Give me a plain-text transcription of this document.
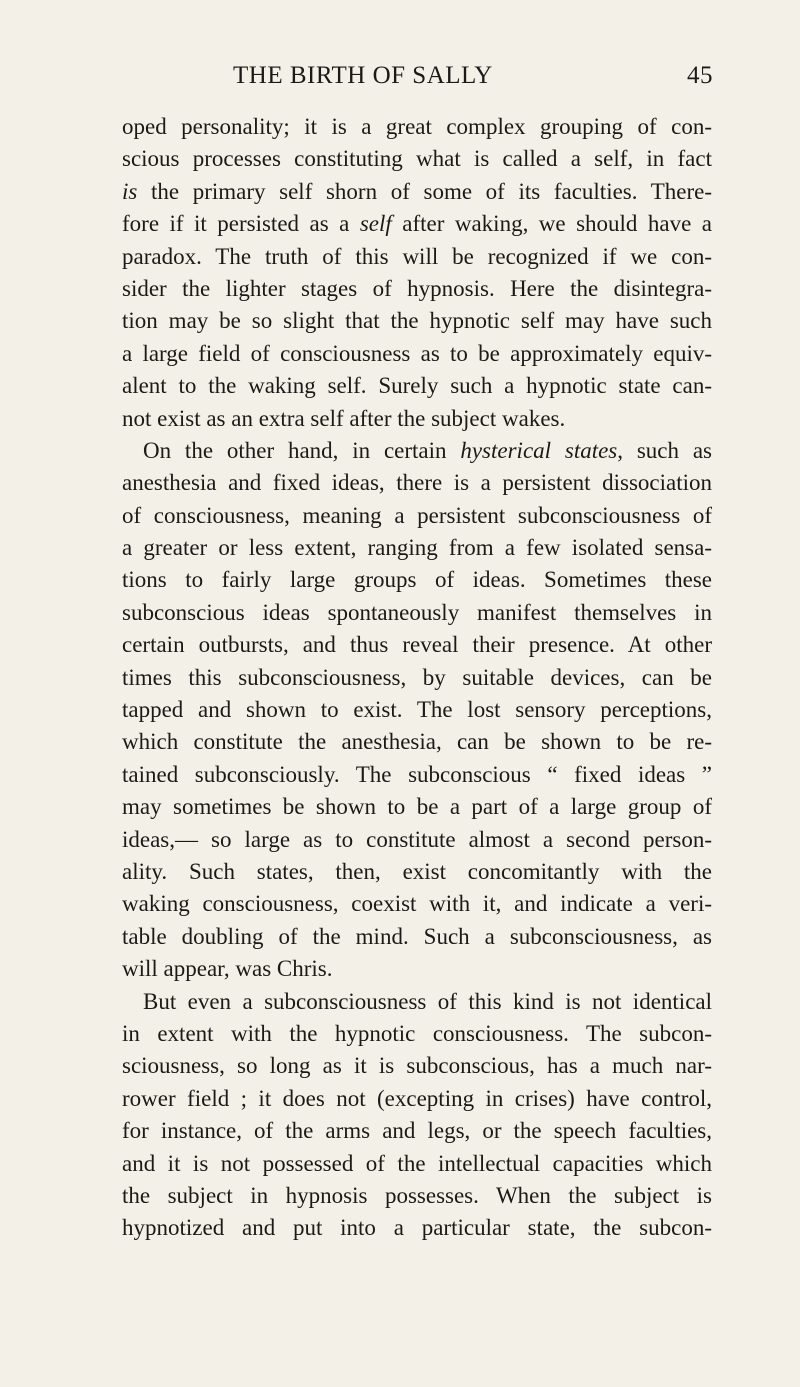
THE BIRTH OF SALLY	45
oped personality; it is a great complex grouping of con-
scious processes constituting what is called a self, in fact
is the primary self shorn of some of its faculties. There-
fore if it persisted as a self after waking, we should have a
paradox. The truth of this will be recognized if we con-
sider the lighter stages of hypnosis. Here the disintegra-
tion may be so slight that the hypnotic self may have such
a large field of consciousness as to be approximately equiv-
alent to the waking self. Surely such a hypnotic state can-
not exist as an extra self after the subject wakes.
On the other hand, in certain hysterical states, such as
anesthesia and fixed ideas, there is a persistent dissociation
of consciousness, meaning a persistent subconsciousness of
a greater or less extent, ranging from a few isolated sensa-
tions to fairly large groups of ideas. Sometimes these
subconscious ideas spontaneously manifest themselves in
certain outbursts, and thus reveal their presence. At other
times this subconsciousness, by suitable devices, can be
tapped and shown to exist. The lost sensory perceptions,
which constitute the anesthesia, can be shown to be re-
tained subconsciously. The subconscious “ fixed ideas ”
may sometimes be shown to be a part of a large group of
ideas,— so large as to constitute almost a second person-
ality. Such states, then, exist concomitantly with the
waking consciousness, coexist with it, and indicate a veri-
table doubling of the mind. Such a subconsciousness, as
will appear, was Chris.
But even a subconsciousness of this kind is not identical
in extent with the hypnotic consciousness. The subcon-
sciousness, so long as it is subconscious, has a much nar-
rower field ; it does not (excepting in crises) have control,
for instance, of the arms and legs, or the speech faculties,
and it is not possessed of the intellectual capacities which
the subject in hypnosis possesses. When the subject is
hypnotized and put into a particular state, the subcon-
